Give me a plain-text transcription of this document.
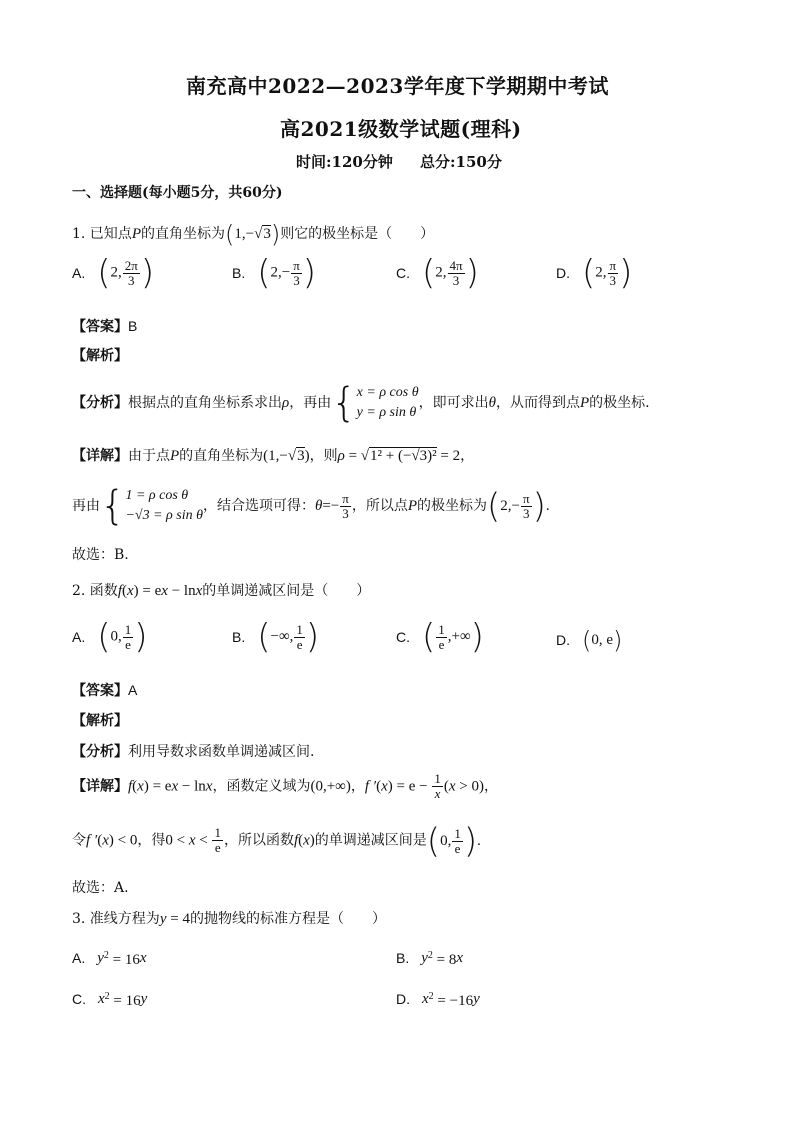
南充高中2022—2023学年度下学期期中考试
高2021级数学试题(理科)
时间:120分钟 总分:150分
一、选择题(每小题5分，共60分)
1. 已知点P的直角坐标为(1,−√3)则它的极坐标是（　　）
A. (2, $\frac{2\pi}{3}$ )	B. ($2,- \frac{\pi}{3}$ )	C. (2, $\frac{4\pi}{3}$ )	D. (2, $\frac{\pi}{3}$ )
【答案】B
【解析】
【分析】根据点的直角坐标系求出ρ，再由{ x = ρ cos θ
y = ρ sin θ
，即可求出θ，从而得到点P的极坐标.
【详解】由于点P的直角坐标为(1,−√3)，则ρ = √1² + (−√3)² = 2，
再由{ 1 = ρ cos θ
−√3 = ρ sin θ
，结合选项可得：$\theta=- \frac{\pi}{3}$ ，所以点P的极坐标为($2,- \frac{\pi}{3}$ ).
故选：B.
2. 函数f(x) = ex − lnx的单调递减区间是（　　）
A. (0, $\frac{1}{e}$ )	B. (−∞, $\frac{1}{e}$ )	C. ( $\frac{1}{e}$ ,+∞)	D. (0, e)
【答案】A
【解析】
【分析】利用导数求函数单调递减区间.
【详解】f(x) = ex − lnx，函数定义域为(0,+∞)，f $'(x) = e - \frac{1}{x} (x > 0)$，
令f ′(x) < 0，得$0 < x < \frac{1}{e}$ ，所以函数f(x)的单调递减区间是(0, $\frac{1}{e}$ ).
故选：A.
3. 准线方程为y = 4的抛物线的标准方程是（　　）
A. y $^2$ = 16 x	B. y $^2$ = 8 x
C. x $^2$ = 16 y	D. x $^2$ = −16 y
